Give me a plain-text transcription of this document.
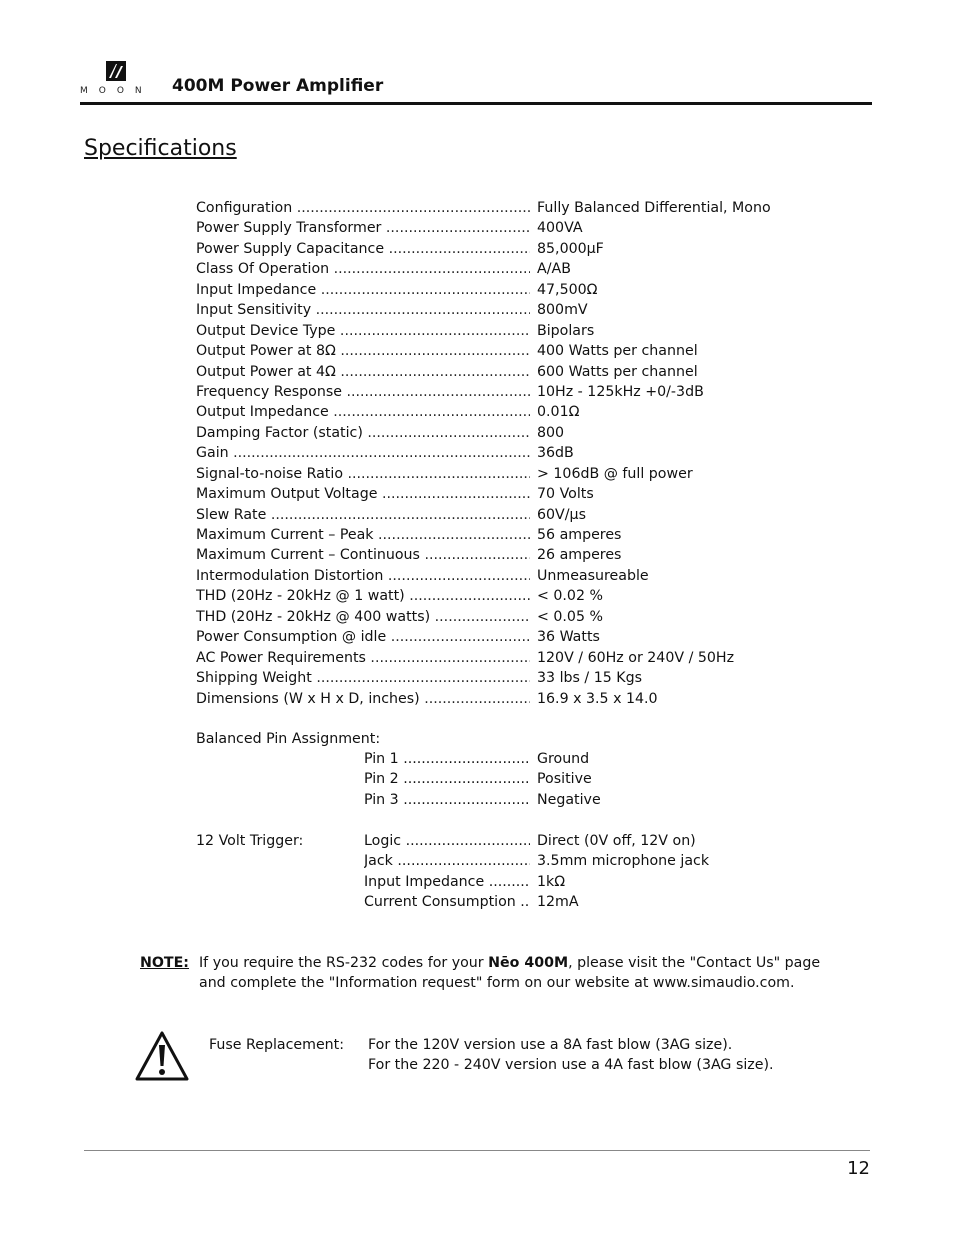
MOON 400M Power Amplifier
Specifications
Configuration .....	Fully Balanced Differential, Mono
Power Supply Transformer .....	400VA
Power Supply Capacitance .....	85,000µF
Class Of Operation .....	A/AB
Input Impedance .....	47,500Ω
Input Sensitivity .....	800mV
Output Device Type .....	Bipolars
Output Power at 8Ω .....	400 Watts per channel
Output Power at 4Ω .....	600 Watts per channel
Frequency Response .....	10Hz - 125kHz +0/-3dB
Output Impedance .....	0.01Ω
Damping Factor (static) .....	800
Gain .....	36dB
Signal-to-noise Ratio .....	> 106dB @ full power
Maximum Output Voltage .....	70 Volts
Slew Rate .....	60V/µs
Maximum Current – Peak .....	56 amperes
Maximum Current – Continuous .....	26 amperes
Intermodulation Distortion .....	Unmeasureable
THD (20Hz - 20kHz @ 1 watt) .....	< 0.02 %
THD (20Hz - 20kHz @ 400 watts) .....	< 0.05 %
Power Consumption @ idle .....	36 Watts
AC Power Requirements .....	120V / 60Hz or 240V / 50Hz
Shipping Weight .....	33 lbs / 15 Kgs
Dimensions (W x H x D, inches) .....	16.9 x 3.5 x 14.0
Balanced Pin Assignment:
Pin 1 .....	Ground
Pin 2 .....	Positive
Pin 3 .....	Negative
12 Volt Trigger:	Logic .....	Direct (0V off, 12V on)
Jack .....	3.5mm microphone jack
Input Impedance .....	1kΩ
Current Consumption .....	12mA
NOTE: If you require the RS-232 codes for your Nēo 400M, please visit the "Contact Us" page and complete the "Information request" form on our website at www.simaudio.com.
Fuse Replacement: For the 120V version use a 8A fast blow (3AG size).
For the 220 - 240V version use a 4A fast blow (3AG size).
12
